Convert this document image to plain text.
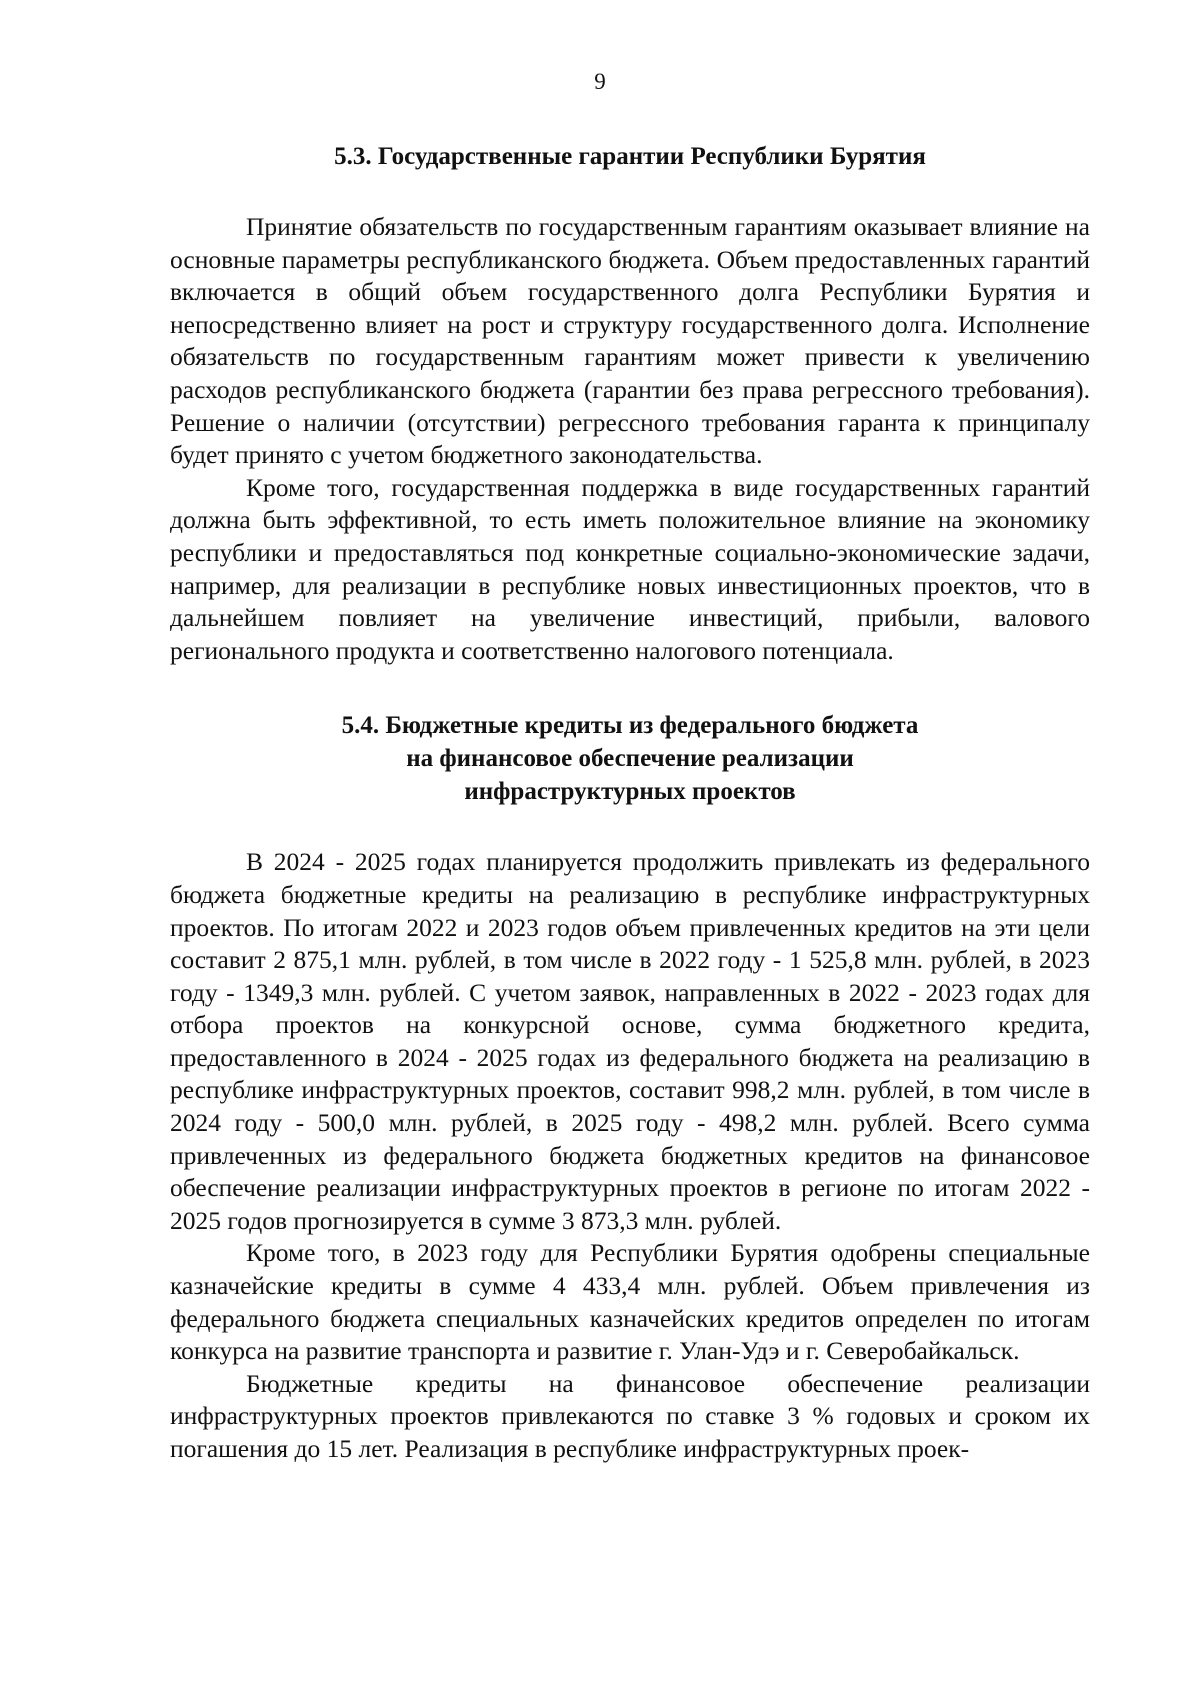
9
5.3. Государственные гарантии Республики Бурятия

Принятие обязательств по государственным гарантиям оказывает влияние на основные параметры республиканского бюджета. Объем предоставленных гарантий включается в общий объем государственного долга Республики Бурятия и непосредственно влияет на рост и структуру государственного долга. Исполнение обязательств по государственным гарантиям может привести к увеличению расходов республиканского бюджета (гарантии без права регрессного требования). Решение о наличии (отсутствии) регрессного требования гаранта к принципалу будет принято с учетом бюджетного законодательства.

Кроме того, государственная поддержка в виде государственных гарантий должна быть эффективной, то есть иметь положительное влияние на экономику республики и предоставляться под конкретные социально-экономические задачи, например, для реализации в республике новых инвестиционных проектов, что в дальнейшем повлияет на увеличение инвестиций, прибыли, валового регионального продукта и соответственно налогового потенциала.

5.4. Бюджетные кредиты из федерального бюджета
на финансовое обеспечение реализации
инфраструктурных проектов

В 2024 - 2025 годах планируется продолжить привлекать из федерального бюджета бюджетные кредиты на реализацию в республике инфраструктурных проектов. По итогам 2022 и 2023 годов объем привлеченных кредитов на эти цели составит 2 875,1 млн. рублей, в том числе в 2022 году - 1 525,8 млн. рублей, в 2023 году - 1349,3 млн. рублей. С учетом заявок, направленных в 2022 - 2023 годах для отбора проектов на конкурсной основе, сумма бюджетного кредита, предоставленного в 2024 - 2025 годах из федерального бюджета на реализацию в республике инфраструктурных проектов, составит 998,2 млн. рублей, в том числе в 2024 году - 500,0 млн. рублей, в 2025 году - 498,2 млн. рублей. Всего сумма привлеченных из федерального бюджета бюджетных кредитов на финансовое обеспечение реализации инфраструктурных проектов в регионе по итогам 2022 - 2025 годов прогнозируется в сумме 3 873,3 млн. рублей.

Кроме того, в 2023 году для Республики Бурятия одобрены специальные казначейские кредиты в сумме 4 433,4 млн. рублей. Объем привлечения из федерального бюджета специальных казначейских кредитов определен по итогам конкурса на развитие транспорта и развитие г. Улан-Удэ и г. Северобайкальск.

Бюджетные кредиты на финансовое обеспечение реализации инфраструктурных проектов привлекаются по ставке 3 % годовых и сроком их погашения до 15 лет. Реализация в республике инфраструктурных проек-
